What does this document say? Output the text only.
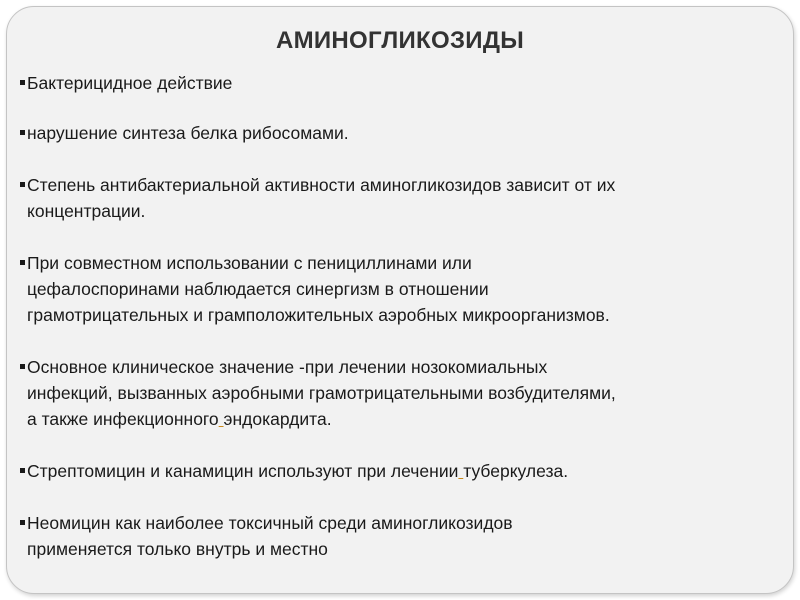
АМИНОГЛИКОЗИДЫ
Бактерицидное действие
нарушение синтеза белка рибосомами.
Степень антибактериальной активности аминогликозидов зависит от их
концентрации.
При совместном использовании с пенициллинами или
цефалоспоринами наблюдается синергизм в отношении
грамотрицательных и грамположительных аэробных микроорганизмов.
Основное клиническое значение -при лечении нозокомиальных
инфекций, вызванных аэробными грамотрицательными возбудителями,
а также инфекционного эндокардита.
Стрептомицин и канамицин используют при лечении туберкулеза.
Неомицин как наиболее токсичный среди аминогликозидов
применяется только внутрь и местно
